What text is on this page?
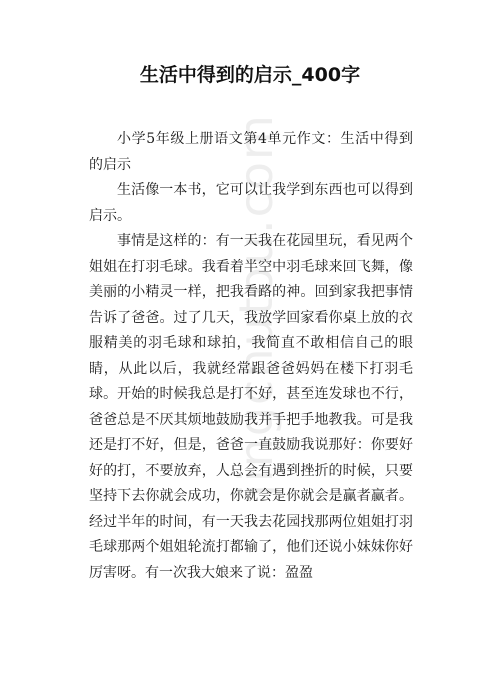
jingchutou.com
生活中得到的启示_400字

小学5年级上册语文第4单元作文：生活中得到的启示

生活像一本书，它可以让我学到东西也可以得到启示。

事情是这样的：有一天我在花园里玩，看见两个姐姐在打羽毛球。我看着半空中羽毛球来回飞舞，像美丽的小精灵一样，把我看路的神。回到家我把事情告诉了爸爸。过了几天，我放学回家看你桌上放的衣服精美的羽毛球和球拍，我简直不敢相信自己的眼睛，从此以后，我就经常跟爸爸妈妈在楼下打羽毛球。开始的时候我总是打不好，甚至连发球也不行，爸爸总是不厌其烦地鼓励我并手把手地教我。可是我还是打不好，但是，爸爸一直鼓励我说那好：你要好好的打，不要放弃，人总会有遇到挫折的时候，只要坚持下去你就会成功，你就会是你就会是赢者赢者。经过半年的时间，有一天我去花园找那两位姐姐打羽毛球那两个姐姐轮流打都输了，他们还说小妹妹你好厉害呀。有一次我大娘来了说：盈盈
